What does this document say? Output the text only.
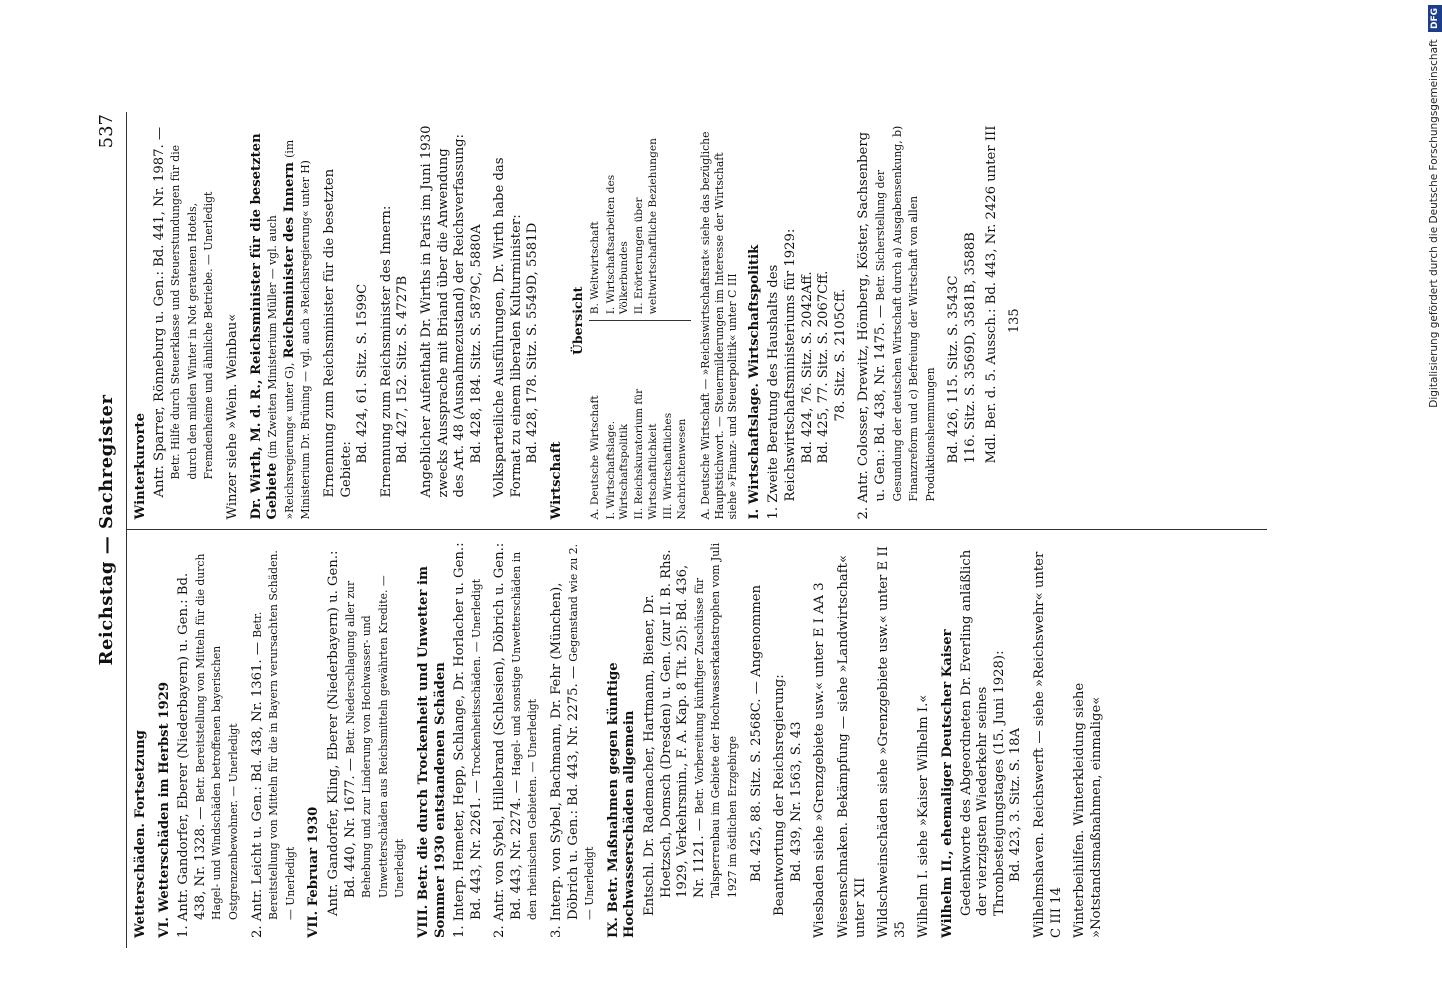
Reichstag — Sachregister
537
Wetterschäden. Fortsetzung VI. Wetterschäden im Herbst 1929 1. Antr. Gandorfer, Eberer (Niederbayern) u. Gen.: Bd. 438, Nr. 1328. — Betr. Bereitstellung von Mitteln für die durch Hagel- und Windschäden betroffenen bayerischen Ostgrenzenbewohner. — Unerledigt 2. Antr. Leicht u. Gen.: Bd. 438, Nr. 1361. — Betr. Bereitstellung von Mitteln für die in Bayern verursachten Schäden. — Unerledigt VII. Februar 1930 Antr. Gandorfer, Kling, Eberer (Niederbayern) u. Gen.: Bd. 440, Nr. 1677. — Betr. Niederschlagung aller zur Behebung und zur Linderung von Hochwasser- und Unwetterschäden aus Reichsmitteln gewährten Kredite. — Unerledigt VIII. Betr. die durch Trockenheit und Unwetter im Sommer 1930 entstandenen Schäden 1. Interp. Hemeter, Hepp, Schlange, Dr. Horlacher u. Gen.: Bd. 443, Nr. 2261. — Trockenheitsschäden. — Unerledigt 2. Antr. von Sybel, Hillebrand (Schlesien), Döbrich u. Gen.: Bd. 443, Nr. 2274. — Hagel- und sonstige Unwetterschäden in den rheinischen Gebieten. — Unerledigt 3. Interp. von Sybel, Bachmann, Dr. Fehr (München), Döbrich u. Gen.: Bd. 443, Nr. 2275. — Gegenstand wie zu 2. — Unerledigt IX. Betr. Maßnahmen gegen künftige Hochwasserschäden allgemein Entschl. Dr. Rademacher, Hartmann, Biener, Dr. Hoetzsch, Domsch (Dresden) u. Gen. (zur II. B. Rhs. 1929, Verkehrsmin., F. A. Kap. 8 Tit. 25): Bd. 436, Nr. 1121. — Betr. Vorbereitung künftiger Zuschüsse für Talsperrenbau im Gebiete der Hochwasserkatastrophen vom Juli 1927 im östlichen Erzgebirge Bd. 425, 88. Sitz. S. 2568C. — Angenommen Beantwortung der Reichsregierung: Bd. 439, Nr. 1563, S. 43 Wiesbaden siehe »Grenzgebiete usw.« unter E I AA 3 Wiesenschnaken. Bekämpfung — siehe »Landwirtschaft« unter XII Wildschweinschäden siehe »Grenzgebiete usw.« unter E II 35 Wilhelm I. siehe »Kaiser Wilhelm I.« Wilhelm II., ehemaliger Deutscher Kaiser Gedenkworte des Abgeordneten Dr. Everling anläßlich der vierzigsten Wiederkehr seines Thronbesteigungstages (15. Juni 1928): Bd. 423, 3. Sitz. S. 18A Wilhelmshaven. Reichswerft — siehe »Reichswehr« unter C III 14 Winterbeihilfen. Winterkleidung siehe »Notstandsmaßnahmen, einmalige«
Winterkurorte Antr. Sparrer, Rönneburg u. Gen.: Bd. 441, Nr. 1987. — Betr. Hilfe durch Steuerklasse und Steuerstundungen für die durch den milden Winter in Not geratenen Hotels, Fremdenheime und ähnliche Betriebe. — Unerledigt Winzer siehe »Wein. Weinbau« Dr. Wirth, M. d. R., Reichsminister für die besetzten Gebiete (im Zweiten Ministerium Müller — vgl. auch »Reichsregierung« unter G), Reichsminister des Innern (im Ministerium Dr. Brüning — vgl. auch »Reichsregierung« unter H) Ernennung zum Reichsminister für die besetzten Gebiete:
Bd. 424, 61. Sitz. S. 1599C Ernennung zum Reichsminister des Innern: Bd. 427, 152. Sitz. S. 4727B Angeblicher Aufenthalt Dr. Wirths in Paris im Juni 1930 zwecks Aussprache mit Briand über die Anwendung des Art. 48 (Ausnahmezustand) der Reichsverfassung: Bd. 428, 184. Sitz. S. 5879C, 5880A Volksparteiliche Ausführungen, Dr. Wirth habe das Format zu einem liberalen Kulturminister: Bd. 428, 178. Sitz. S. 5549D, 5581D
Wirtschaft
Übersicht
A. Deutsche Wirtschaft I. Wirtschaftslage. Wirtschaftspolitik II. Reichskuratorium für Wirtschaftlichkeit III. Wirtschaftliches Nachrichtenwesen
B. Weltwirtschaft I. Wirtschaftsarbeiten des Völkerbundes II. Erörterungen über weltwirtschaftliche Beziehungen	A. Deutsche Wirtschaft — »Reichswirtschaftsrat« siehe das bezügliche Hauptstichwort. — Steuermilderungen im Interesse der Wirtschaft siehe »Finanz- und Steuerpolitik« unter C III I. Wirtschaftslage. Wirtschaftspolitik 1. Zweite Beratung des Haushalts des Reichswirtschaftsministeriums für 1929: Bd. 424, 76. Sitz. S. 2042Aff. Bd. 425, 77. Sitz. S. 2067Cff. 78. Sitz. S. 2105Cff. 2. Antr. Colosser, Drewitz, Hömberg, Köster, Sachsenberg u. Gen.: Bd. 438, Nr. 1475. — Betr. Sicherstellung der Gesundung der deutschen Wirtschaft durch a) Ausgabensenkung, b) Finanzreform und c) Befreiung der Wirtschaft von allen Produktionshemmungen Bd. 426, 115. Sitz. S. 3543C 116. Sitz. S. 3569D, 3581B, 3588B Mdl. Ber. d. 5. Aussch.: Bd. 443, Nr. 2426 unter III 135	Digitalisierung gefördert durch die Deutsche Forschungsgemeinschaft DFG
